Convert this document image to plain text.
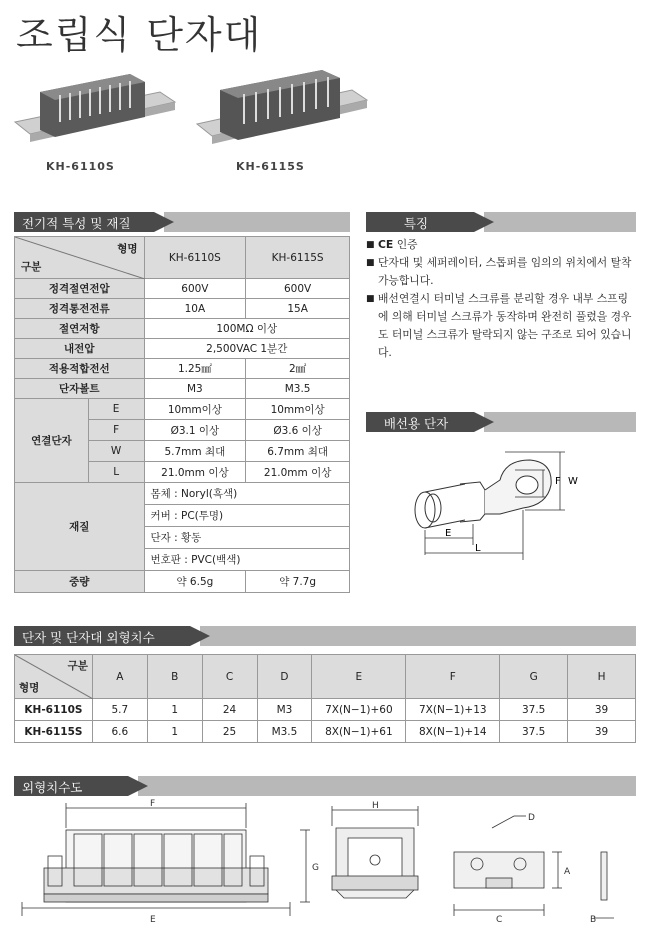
조립식 단자대
KH-6110S	KH-6115S
전기적 특성 및 재질
형명
구분		KH-6110S	KH-6115S
정격절연전압		600V	600V
정격통전전류		10A	15A
절연저항		100MΩ 이상	
내전압		2,500VAC 1분간	
적용적합전선		1.25㎟	2㎟
단자볼트		M3	M3.5
연결단자	E	10mm이상	10mm이상
	F	Ø3.1 이상	Ø3.6 이상
	W	5.7mm 최대	6.7mm 최대
	L	21.0mm 이상	21.0mm 이상
재질		몸체 : Noryl(흑색)	
		커버 : PC(투명)	
		단자 : 황동	
		번호판 : PVC(백색)	
중량		약 6.5g	약 7.7g
특징
■ CE 인증
■ 단자대 및 세퍼레이터, 스톱퍼를 임의의 위치에서 탈착 가능합니다.
■ 배선연결시 터미널 스크류를 분리할 경우 내부 스프링에 의해 터미널 스크류가 동작하며 완전히 풀렸을 경우도 터미널 스크류가 탈락되지 않는 구조로 되어 있습니다.
배선용 단자
F W
E
L
단자 및 단자대 외형치수
구분
형명	A	B	C	D	E	F	G	H
KH-6110S	5.7	1	24	M3	7X(N−1)+60	7X(N−1)+13	37.5	39
KH-6115S	6.6	1	25	M3.5	8X(N−1)+61	8X(N−1)+14	37.5	39
외형치수도
F
E
G
H
D
A
C	B
